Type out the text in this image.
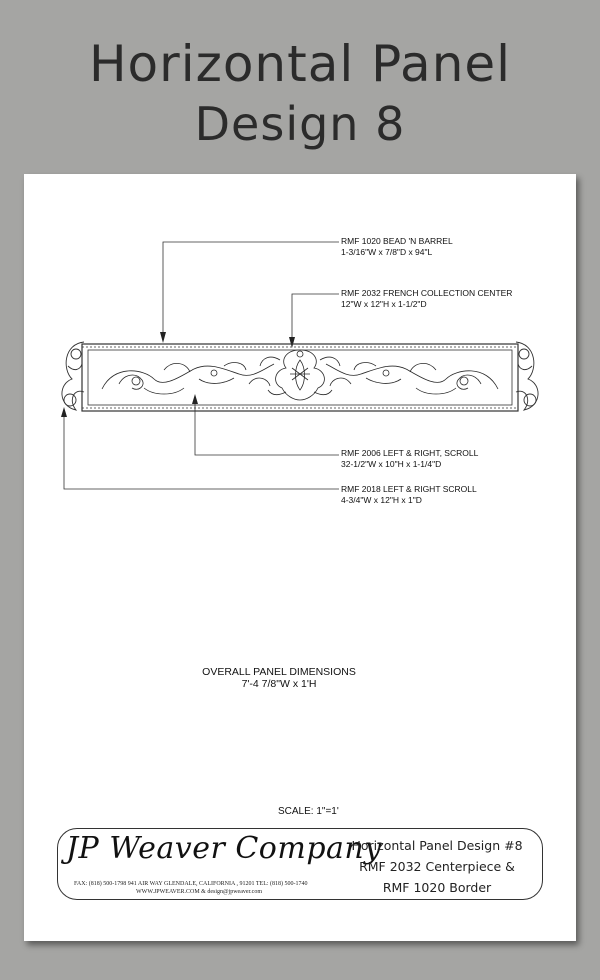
Horizontal Panel
Design 8
RMF 1020 BEAD 'N BARREL
1-3/16"W x 7/8"D x 94"L
RMF 2032 FRENCH COLLECTION CENTER
12"W x 12"H x 1-1/2"D
RMF 2006 LEFT & RIGHT, SCROLL
32-1/2"W x 10"H x 1-1/4"D
RMF 2018 LEFT & RIGHT SCROLL
4-3/4"W x 12"H x 1"D
OVERALL PANEL DIMENSIONS
7'-4 7/8"W x 1'H
SCALE: 1"=1'
JP Weaver Company
FAX: (818) 500-1798 941 AIR WAY GLENDALE, CALIFORNIA , 91201 TEL: (818) 500-1740
WWW.JPWEAVER.COM & design@jpweaver.com
Horizontal Panel Design #8
RMF 2032 Centerpiece &
RMF 1020 Border
